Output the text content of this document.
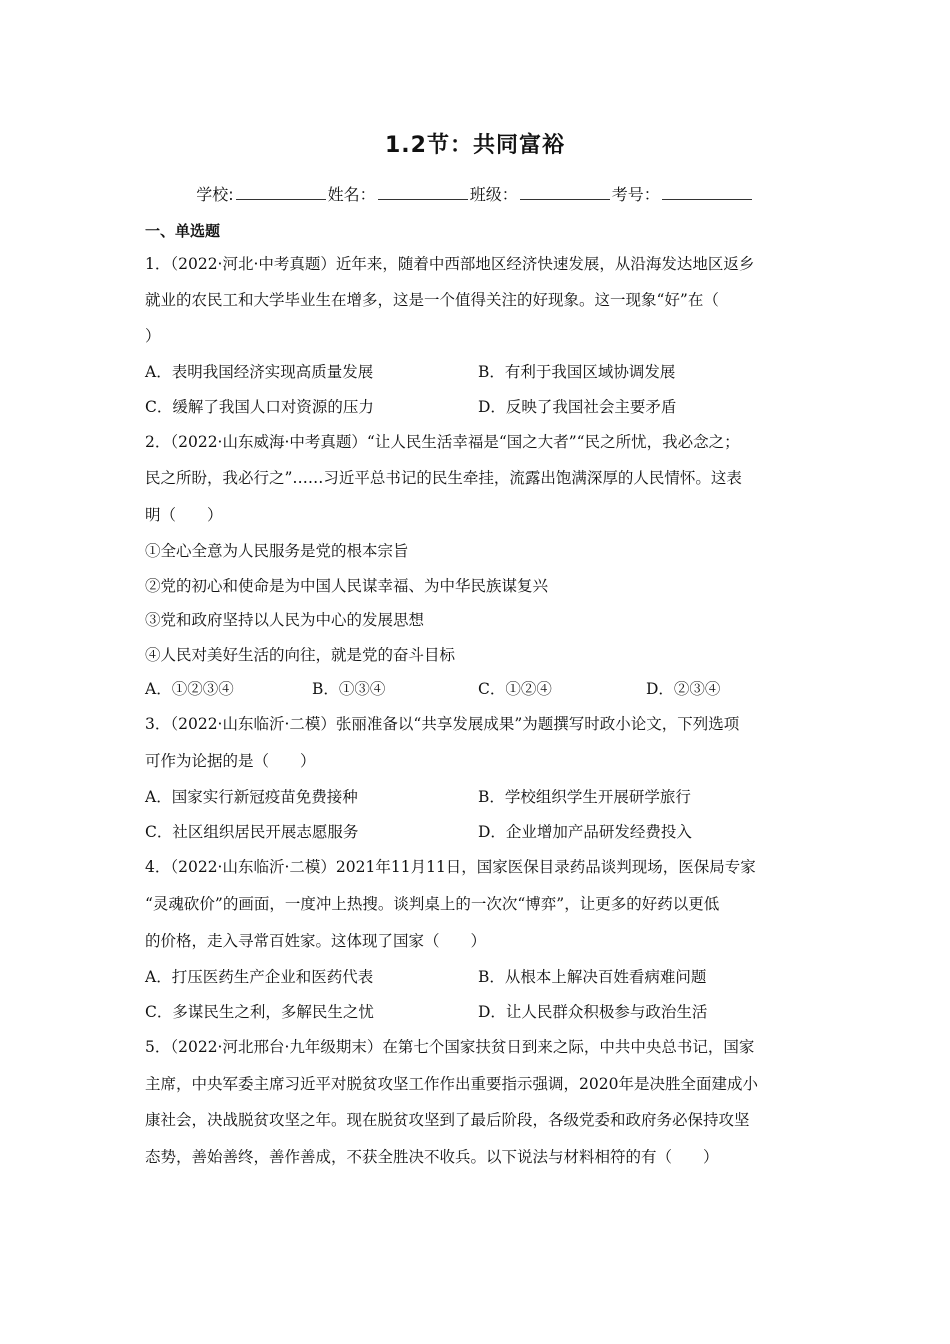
1.2节：共同富裕
学校:	姓名：	班级：	考号：
一、单选题
1．（2022·河北·中考真题）近年来，随着中西部地区经济快速发展，从沿海发达地区返乡
就业的农民工和大学毕业生在增多，这是一个值得关注的好现象。这一现象“好”在（
）
A．表明我国经济实现高质量发展	B．有利于我国区域协调发展
C．缓解了我国人口对资源的压力	D．反映了我国社会主要矛盾
2．（2022·山东威海·中考真题）“让人民生活幸福是“国之大者”“民之所忧，我必念之；
民之所盼，我必行之”……习近平总书记的民生牵挂，流露出饱满深厚的人民情怀。这表
明（　　）
①全心全意为人民服务是党的根本宗旨
②党的初心和使命是为中国人民谋幸福、为中华民族谋复兴
③党和政府坚持以人民为中心的发展思想
④人民对美好生活的向往，就是党的奋斗目标
A．①②③④	B．①③④	C．①②④	D．②③④
3．（2022·山东临沂·二模）张丽准备以“共享发展成果”为题撰写时政小论文，下列选项
可作为论据的是（　　）
A．国家实行新冠疫苗免费接种	B．学校组织学生开展研学旅行
C．社区组织居民开展志愿服务	D．企业增加产品研发经费投入
4．（2022·山东临沂·二模）2021年11月11日，国家医保目录药品谈判现场，医保局专家
“灵魂砍价”的画面，一度冲上热搜。谈判桌上的一次次“博弈”，让更多的好药以更低
的价格，走入寻常百姓家。这体现了国家（　　）
A．打压医药生产企业和医药代表	B．从根本上解决百姓看病难问题
C．多谋民生之利，多解民生之忧	D．让人民群众积极参与政治生活
5．（2022·河北邢台·九年级期末）在第七个国家扶贫日到来之际，中共中央总书记，国家
主席，中央军委主席习近平对脱贫攻坚工作作出重要指示强调，2020年是决胜全面建成小
康社会，决战脱贫攻坚之年。现在脱贫攻坚到了最后阶段，各级党委和政府务必保持攻坚
态势，善始善终，善作善成，不获全胜决不收兵。以下说法与材料相符的有（　　）
